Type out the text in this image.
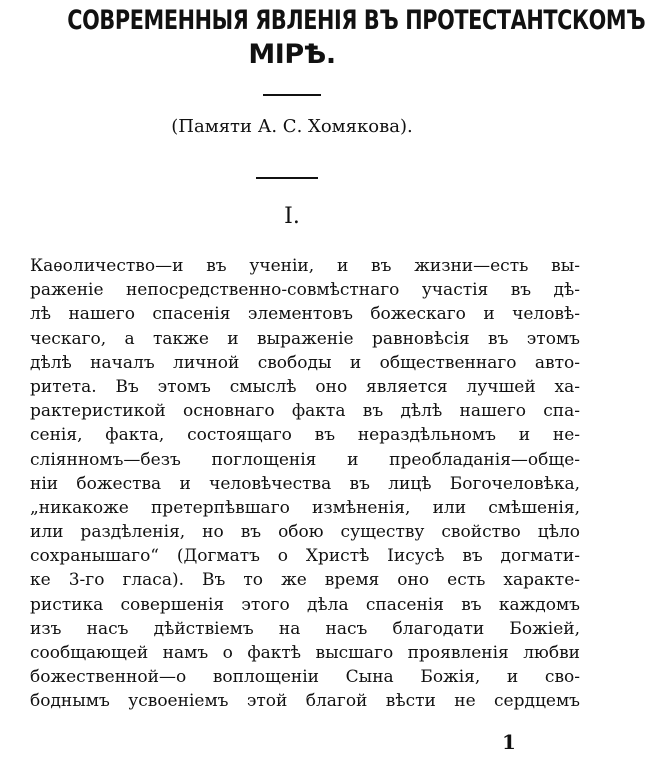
СОВРЕМЕННЫЯ ЯВЛЕНІЯ ВЪ ПРОТЕСТАНТСКОМЪ
МІРѢ.
(Памяти А. С. Хомякова).
I.
Каѳоличество—и въ ученіи, и въ жизни—есть вы-
раженіе непосредственно-совмѣстнаго участія въ дѣ-
лѣ нашего спасенія элементовъ божескаго и человѣ-
ческаго, а также и выраженіе равновѣсія въ этомъ
дѣлѣ началъ личной свободы и общественнаго авто-
ритета. Въ этомъ смыслѣ оно является лучшей ха-
рактеристикой основнаго факта въ дѣлѣ нашего спа-
сенія, факта, состоящаго въ нераздѣльномъ и не-
слiянномъ—безъ поглощенія и преобладанія—общe-
ніи божества и человѣчества въ лицѣ Богочеловѣка,
„никакоже претерпѣвшаго измѣненія, или смѣшенія,
или раздѣленія, но въ обою существу свойство цѣло
сохранышаго“ (Догматъ о Христѣ Іисусѣ въ догмати-
ке 3-го гласа). Въ то же время оно есть характе-
ристика совершенія этого дѣла спасенія въ каждомъ
изъ насъ дѣйствіемъ на насъ благодати Божіей,
сообщающей намъ о фактѣ высшаго проявленія любви
божественной—о воплощеніи Сына Божія, и сво-
боднымъ усвоеніемъ этой благой вѣсти не сердцемъ
1
